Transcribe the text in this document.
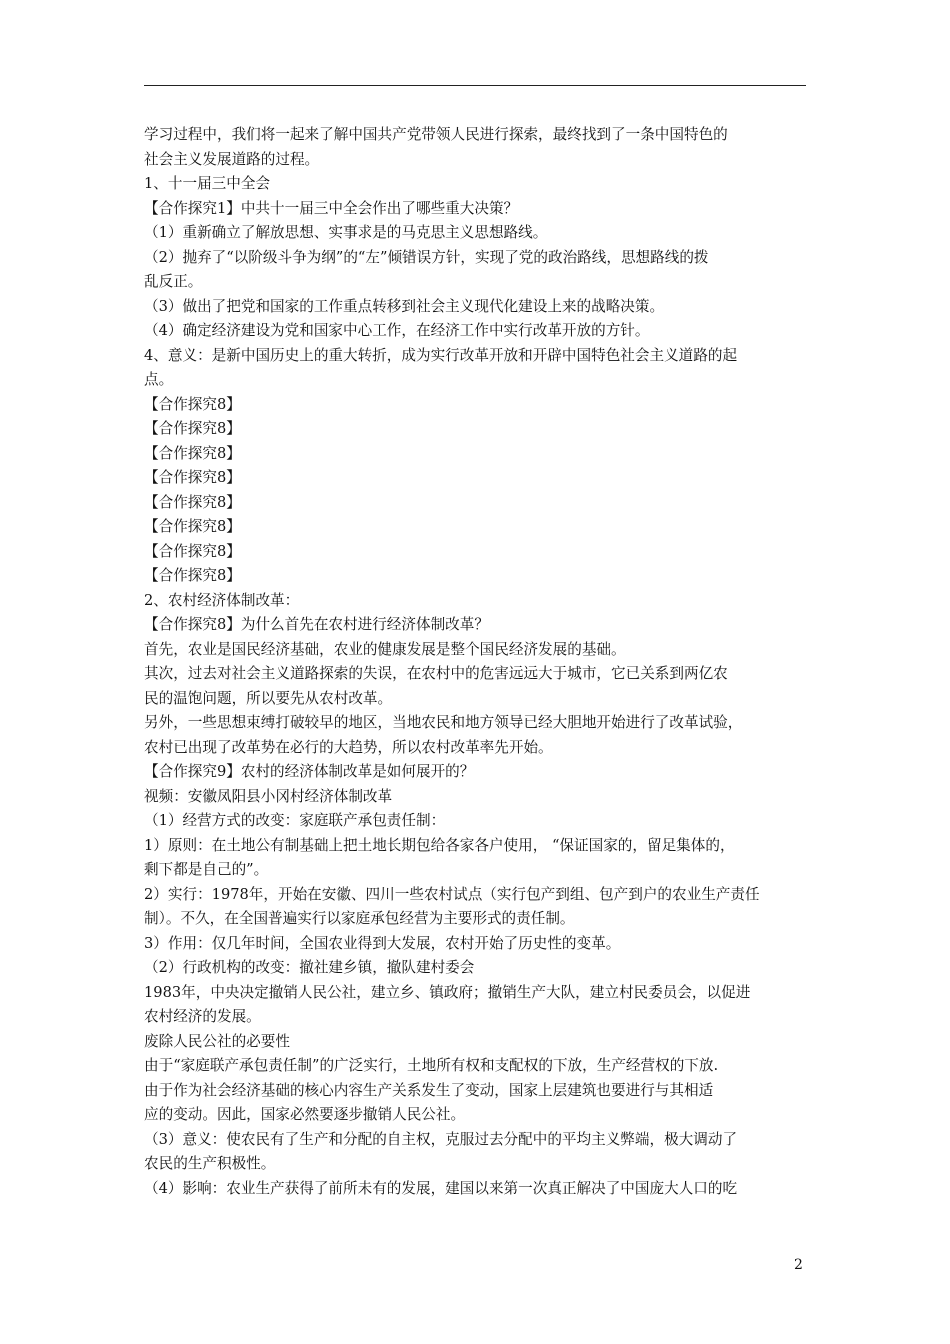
学习过程中，我们将一起来了解中国共产党带领人民进行探索，最终找到了一条中国特色的

社会主义发展道路的过程。

1、十一届三中全会

【合作探究1】中共十一届三中全会作出了哪些重大决策？

（1）重新确立了解放思想、实事求是的马克思主义思想路线。

（2）抛弃了“以阶级斗争为纲”的“左”倾错误方针，实现了党的政治路线，思想路线的拨

乱反正。

（3）做出了把党和国家的工作重点转移到社会主义现代化建设上来的战略决策。

（4）确定经济建设为党和国家中心工作，在经济工作中实行改革开放的方针。

4、意义：是新中国历史上的重大转折，成为实行改革开放和开辟中国特色社会主义道路的起

点。

【合作探究8】

【合作探究8】

【合作探究8】

【合作探究8】

【合作探究8】

【合作探究8】

【合作探究8】

【合作探究8】

2、农村经济体制改革：

【合作探究8】为什么首先在农村进行经济体制改革？

首先，农业是国民经济基础，农业的健康发展是整个国民经济发展的基础。

其次，过去对社会主义道路探索的失误，在农村中的危害远远大于城市，它已关系到两亿农

民的温饱问题，所以要先从农村改革。

另外，一些思想束缚打破较早的地区，当地农民和地方领导已经大胆地开始进行了改革试验，

农村已出现了改革势在必行的大趋势，所以农村改革率先开始。

【合作探究9】农村的经济体制改革是如何展开的？

视频：安徽凤阳县小冈村经济体制改革

（1）经营方式的改变：家庭联产承包责任制：

1）原则：在土地公有制基础上把土地长期包给各家各户使用， “保证国家的，留足集体的，

剩下都是自己的”。

2）实行：1978年，开始在安徽、四川一些农村试点（实行包产到组、包产到户的农业生产责任

制）。不久，在全国普遍实行以家庭承包经营为主要形式的责任制。

3）作用：仅几年时间，全国农业得到大发展，农村开始了历史性的变革。

（2）行政机构的改变：撤社建乡镇，撤队建村委会

1983年，中央决定撤销人民公社，建立乡、镇政府；撤销生产大队，建立村民委员会，以促进

农村经济的发展。

废除人民公社的必要性

由于“家庭联产承包责任制”的广泛实行，土地所有权和支配权的下放，生产经营权的下放.

由于作为社会经济基础的核心内容生产关系发生了变动，国家上层建筑也要进行与其相适

应的变动。因此，国家必然要逐步撤销人民公社。

（3）意义：使农民有了生产和分配的自主权，克服过去分配中的平均主义弊端，极大调动了

农民的生产积极性。

（4）影响：农业生产获得了前所未有的发展，建国以来第一次真正解决了中国庞大人口的吃

2
